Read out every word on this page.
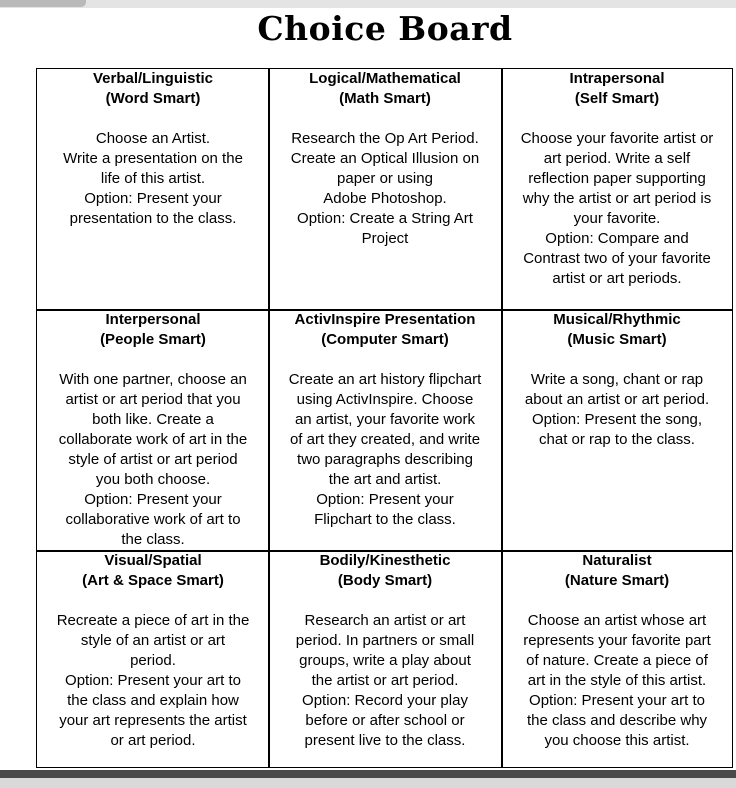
Choice Board
Verbal/Linguistic
(Word Smart)
Choose an Artist.
Write a presentation on the
life of this artist.
Option: Present your
presentation to the class.
Logical/Mathematical
(Math Smart)
Research the Op Art Period.
Create an Optical Illusion on
paper or using
Adobe Photoshop.
Option: Create a String Art
Project
Intrapersonal
(Self Smart)
Choose your favorite artist or
art period. Write a self
reflection paper supporting
why the artist or art period is
your favorite.
Option: Compare and
Contrast two of your favorite
artist or art periods.
Interpersonal
(People Smart)
With one partner, choose an
artist or art period that you
both like. Create a
collaborate work of art in the
style of artist or art period
you both choose.
Option: Present your
collaborative work of art to
the class.
ActivInspire Presentation
(Computer Smart)
Create an art history flipchart
using ActivInspire. Choose
an artist, your favorite work
of art they created, and write
two paragraphs describing
the art and artist.
Option: Present your
Flipchart to the class.
Musical/Rhythmic
(Music Smart)
Write a song, chant or rap
about an artist or art period.
Option: Present the song,
chat or rap to the class.
Visual/Spatial
(Art & Space Smart)
Recreate a piece of art in the
style of an artist or art
period.
Option: Present your art to
the class and explain how
your art represents the artist
or art period.
Bodily/Kinesthetic
(Body Smart)
Research an artist or art
period. In partners or small
groups, write a play about
the artist or art period.
Option: Record your play
before or after school or
present live to the class.
Naturalist
(Nature Smart)
Choose an artist whose art
represents your favorite part
of nature. Create a piece of
art in the style of this artist.
Option: Present your art to
the class and describe why
you choose this artist.
